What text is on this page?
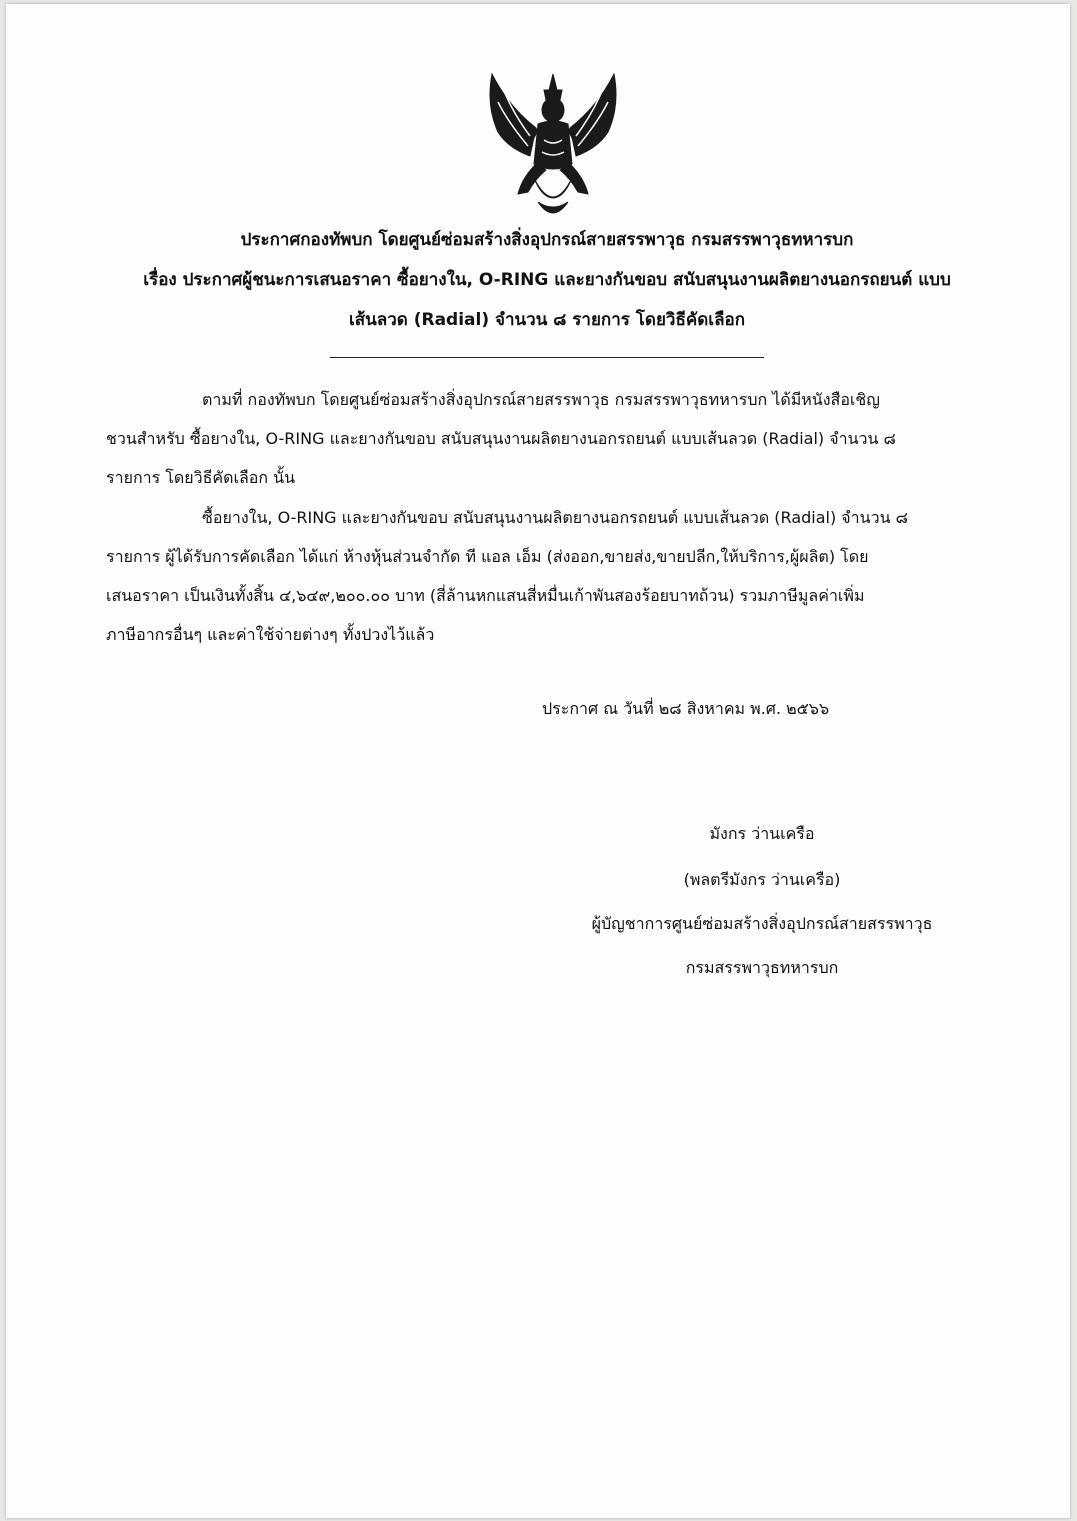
ประกาศกองทัพบก โดยศูนย์ซ่อมสร้างสิ่งอุปกรณ์สายสรรพาวุธ กรมสรรพาวุธทหารบก
เรื่อง ประกาศผู้ชนะการเสนอราคา ซื้อยางใน, O-RING และยางกันขอบ สนับสนุนงานผลิตยางนอกรถยนต์ แบบ
เส้นลวด (Radial) จำนวน ๘ รายการ โดยวิธีคัดเลือก
ตามที่ กองทัพบก โดยศูนย์ซ่อมสร้างสิ่งอุปกรณ์สายสรรพาวุธ กรมสรรพาวุธทหารบก ได้มีหนังสือเชิญ
ชวนสำหรับ ซื้อยางใน, O-RING และยางกันขอบ สนับสนุนงานผลิตยางนอกรถยนต์ แบบเส้นลวด (Radial) จำนวน ๘
รายการ โดยวิธีคัดเลือก นั้น
ซื้อยางใน, O-RING และยางกันขอบ สนับสนุนงานผลิตยางนอกรถยนต์ แบบเส้นลวด (Radial) จำนวน ๘
รายการ ผู้ได้รับการคัดเลือก ได้แก่ ห้างหุ้นส่วนจำกัด ที แอล เอ็ม (ส่งออก,ขายส่ง,ขายปลีก,ให้บริการ,ผู้ผลิต) โดย
เสนอราคา เป็นเงินทั้งสิ้น ๔,๖๔๙,๒๐๐.๐๐ บาท (สี่ล้านหกแสนสี่หมื่นเก้าพันสองร้อยบาทถ้วน) รวมภาษีมูลค่าเพิ่ม
ภาษีอากรอื่นๆ และค่าใช้จ่ายต่างๆ ทั้งปวงไว้แล้ว
ประกาศ ณ วันที่ ๒๘ สิงหาคม พ.ศ. ๒๕๖๖
มังกร ว่านเครือ
(พลตรีมังกร ว่านเครือ)
ผู้บัญชาการศูนย์ซ่อมสร้างสิ่งอุปกรณ์สายสรรพาวุธ
กรมสรรพาวุธทหารบก
